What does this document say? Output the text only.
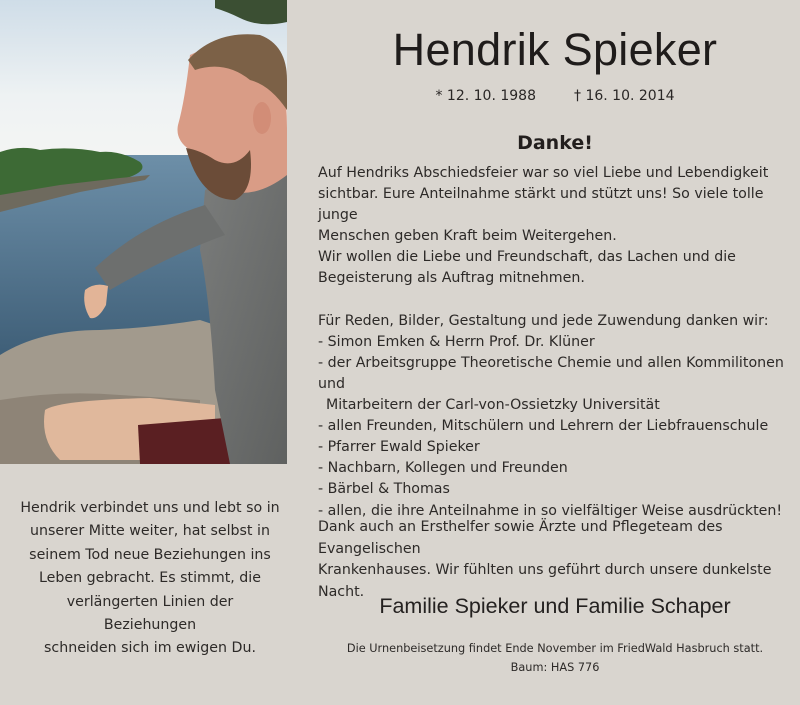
Hendrik verbindet uns und lebt so in
unserer Mitte weiter, hat selbst in
seinem Tod neue Beziehungen ins
Leben gebracht. Es stimmt, die
verlängerten Linien der Beziehungen
schneiden sich im ewigen Du.
Hendrik Spieker
* 12. 10. 1988	† 16. 10. 2014
Danke!

Auf Hendriks Abschiedsfeier war so viel Liebe und Lebendigkeit

sichtbar. Eure Anteilnahme stärkt und stützt uns! So viele tolle junge

Menschen geben Kraft beim Weitergehen.

Wir wollen die Liebe und Freundschaft, das Lachen und die

Begeisterung als Auftrag mitnehmen.

Für Reden, Bilder, Gestaltung und jede Zuwendung danken wir:

- Simon Emken & Herrn Prof. Dr. Klüner

- der Arbeitsgruppe Theoretische Chemie und allen Kommilitonen und

Mitarbeitern der Carl-von-Ossietzky Universität

- allen Freunden, Mitschülern und Lehrern der Liebfrauenschule

- Pfarrer Ewald Spieker

- Nachbarn, Kollegen und Freunden

- Bärbel & Thomas

- allen, die ihre Anteilnahme in so vielfältiger Weise ausdrückten!

Dank auch an Ersthelfer sowie Ärzte und Pflegeteam des Evangelischen
Krankenhauses. Wir fühlten uns geführt durch unsere dunkelste Nacht.
Familie Spieker und Familie Schaper
Die Urnenbeisetzung findet Ende November im FriedWald Hasbruch statt.
Baum: HAS 776
